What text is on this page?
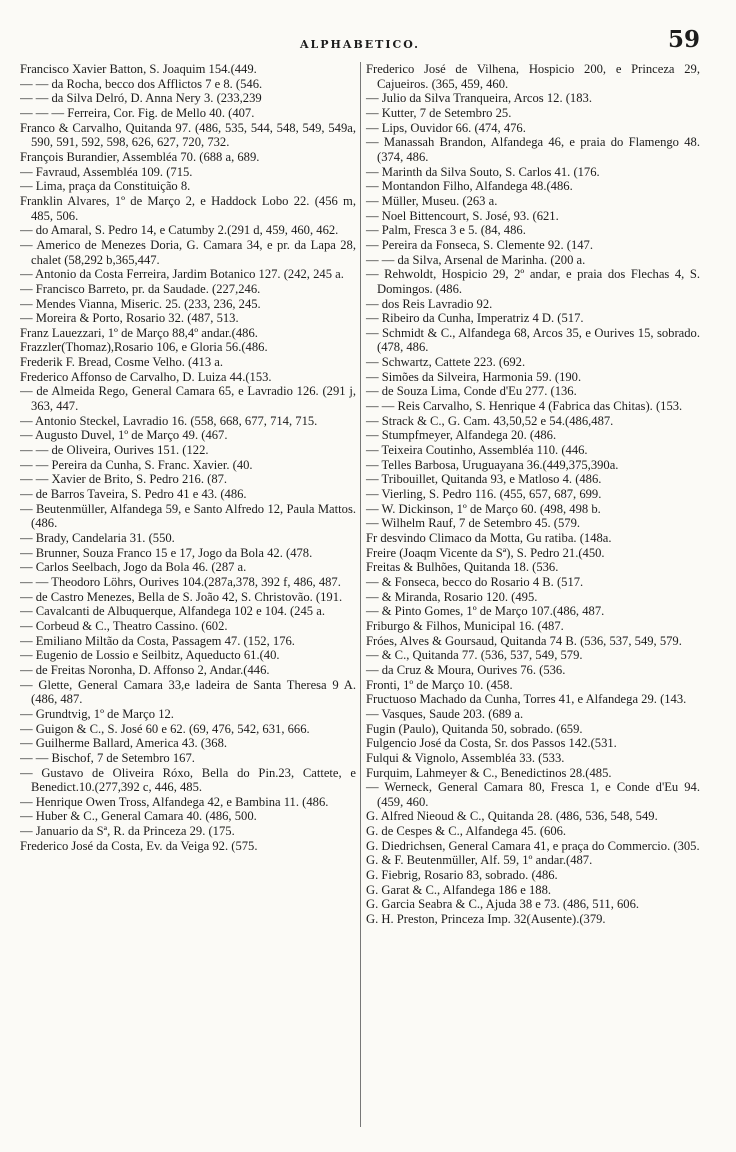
ALPHABETICO.	59
Francisco Xavier Batton, S. Joaquim 154.(449.
— — da Rocha, becco dos Afflictos 7 e 8. (546.
— — da Silva Delró, D. Anna Nery 3. (233,239
— — — Ferreira, Cor. Fig. de Mello 40. (407.
Franco & Carvalho, Quitanda 97. (486, 535, 544, 548, 549, 549a, 590, 591, 592, 598, 626, 627, 720, 732.
François Burandier, Assembléa 70. (688 a, 689.
— Favraud, Assembléa 109. (715.
— Lima, praça da Constituição 8.
Franklin Alvares, 1º de Março 2, e Haddock Lobo 22. (456 m, 485, 506.
— do Amaral, S. Pedro 14, e Catumby 2.(291 d, 459, 460, 462.
— Americo de Menezes Doria, G. Camara 34, e pr. da Lapa 28, chalet (58,292 b,365,447.
— Antonio da Costa Ferreira, Jardim Botanico 127. (242, 245 a.
— Francisco Barreto, pr. da Saudade. (227,246.
— Mendes Vianna, Miseric. 25. (233, 236, 245.
— Moreira & Porto, Rosario 32. (487, 513.
Franz Lauezzari, 1º de Março 88,4º andar.(486.
Frazzler(Thomaz),Rosario 106, e Gloria 56.(486.
Frederik F. Bread, Cosme Velho. (413 a.
Frederico Affonso de Carvalho, D. Luiza 44.(153.
— de Almeida Rego, General Camara 65, e Lavradio 126. (291 j, 363, 447.
— Antonio Steckel, Lavradio 16. (558, 668, 677, 714, 715.
— Augusto Duvel, 1º de Março 49. (467.
— — de Oliveira, Ourives 151. (122.
— — Pereira da Cunha, S. Franc. Xavier. (40.
— — Xavier de Brito, S. Pedro 216. (87.
— de Barros Taveira, S. Pedro 41 e 43. (486.
— Beutenmüller, Alfandega 59, e Santo Alfredo 12, Paula Mattos. (486.
— Brady, Candelaria 31. (550.
— Brunner, Souza Franco 15 e 17, Jogo da Bola 42. (478.
— Carlos Seelbach, Jogo da Bola 46. (287 a.
— — Theodoro Löhrs, Ourives 104.(287a,378, 392 f, 486, 487.
— de Castro Menezes, Bella de S. João 42, S. Christovão. (191.
— Cavalcanti de Albuquerque, Alfandega 102 e 104. (245 a.
— Corbeud & C., Theatro Cassino. (602.
— Emiliano Miltão da Costa, Passagem 47. (152, 176.
— Eugenio de Lossio e Seilbitz, Aqueducto 61.(40.
— de Freitas Noronha, D. Affonso 2, Andar.(446.
— Glette, General Camara 33,e ladeira de Santa Theresa 9 A. (486, 487.
— Grundtvig, 1º de Março 12.
— Guigon & C., S. José 60 e 62. (69, 476, 542, 631, 666.
— Guilherme Ballard, America 43. (368.
— — Bischof, 7 de Setembro 167.
— Gustavo de Oliveira Róxo, Bella do Pin.23, Cattete, e Benedict.10.(277,392 c, 446, 485.
— Henrique Owen Tross, Alfandega 42, e Bambina 11. (486.
— Huber & C., General Camara 40. (486, 500.
— Januario da Sª, R. da Princeza 29. (175.
Frederico José da Costa, Ev. da Veiga 92. (575.
Frederico José de Vilhena, Hospicio 200, e Princeza 29, Cajueiros. (365, 459, 460.
— Julio da Silva Tranqueira, Arcos 12. (183.
— Kutter, 7 de Setembro 25.
— Lips, Ouvidor 66. (474, 476.
— Manassah Brandon, Alfandega 46, e praia do Flamengo 48. (374, 486.
— Marinth da Silva Souto, S. Carlos 41. (176.
— Montandon Filho, Alfandega 48.(486.
— Müller, Museu. (263 a.
— Noel Bittencourt, S. José, 93. (621.
— Palm, Fresca 3 e 5. (84, 486.
— Pereira da Fonseca, S. Clemente 92. (147.
— — da Silva, Arsenal de Marinha. (200 a.
— Rehwoldt, Hospicio 29, 2º andar, e praia dos Flechas 4, S. Domingos. (486.
— dos Reis Lavradio 92.
— Ribeiro da Cunha, Imperatriz 4 D. (517.
— Schmidt & C., Alfandega 68, Arcos 35, e Ourives 15, sobrado. (478, 486.
— Schwartz, Cattete 223. (692.
— Simões da Silveira, Harmonia 59. (190.
— de Souza Lima, Conde d'Eu 277. (136.
— — Reis Carvalho, S. Henrique 4 (Fabrica das Chitas). (153.
— Strack & C., G. Cam. 43,50,52 e 54.(486,487.
— Stumpfmeyer, Alfandega 20. (486.
— Teixeira Coutinho, Assembléa 110. (446.
— Telles Barbosa, Uruguayana 36.(449,375,390a.
— Tribouillet, Quitanda 93, e Matloso 4. (486.
— Vierling, S. Pedro 116. (455, 657, 687, 699.
— W. Dickinson, 1º de Março 60. (498, 498 b.
— Wilhelm Rauf, 7 de Setembro 45. (579.
Fr desvindo Climaco da Motta, Gu ratiba. (148a.
Freire (Joaqm Vicente da Sª), S. Pedro 21.(450.
Freitas & Bulhões, Quitanda 18. (536.
— & Fonseca, becco do Rosario 4 B. (517.
— & Miranda, Rosario 120. (495.
— & Pinto Gomes, 1º de Março 107.(486, 487.
Friburgo & Filhos, Municipal 16. (487.
Fróes, Alves & Goursaud, Quitanda 74 B. (536, 537, 549, 579.
— & C., Quitanda 77. (536, 537, 549, 579.
— da Cruz & Moura, Ourives 76. (536.
Fronti, 1º de Março 10. (458.
Fructuoso Machado da Cunha, Torres 41, e Alfandega 29. (143.
— Vasques, Saude 203. (689 a.
Fugin (Paulo), Quitanda 50, sobrado. (659.
Fulgencio José da Costa, Sr. dos Passos 142.(531.
Fulqui & Vignolo, Assembléa 33. (533.
Furquim, Lahmeyer & C., Benedictinos 28.(485.
— Werneck, General Camara 80, Fresca 1, e Conde d'Eu 94. (459, 460.
G. Alfred Nieoud & C., Quitanda 28. (486, 536, 548, 549.
G. de Cespes & C., Alfandega 45. (606.
G. Diedrichsen, General Camara 41, e praça do Commercio. (305.
G. & F. Beutenmüller, Alf. 59, 1º andar.(487.
G. Fiebrig, Rosario 83, sobrado. (486.
G. Garat & C., Alfandega 186 e 188.
G. Garcia Seabra & C., Ajuda 38 e 73. (486, 511, 606.
G. H. Preston, Princeza Imp. 32(Ausente).(379.
